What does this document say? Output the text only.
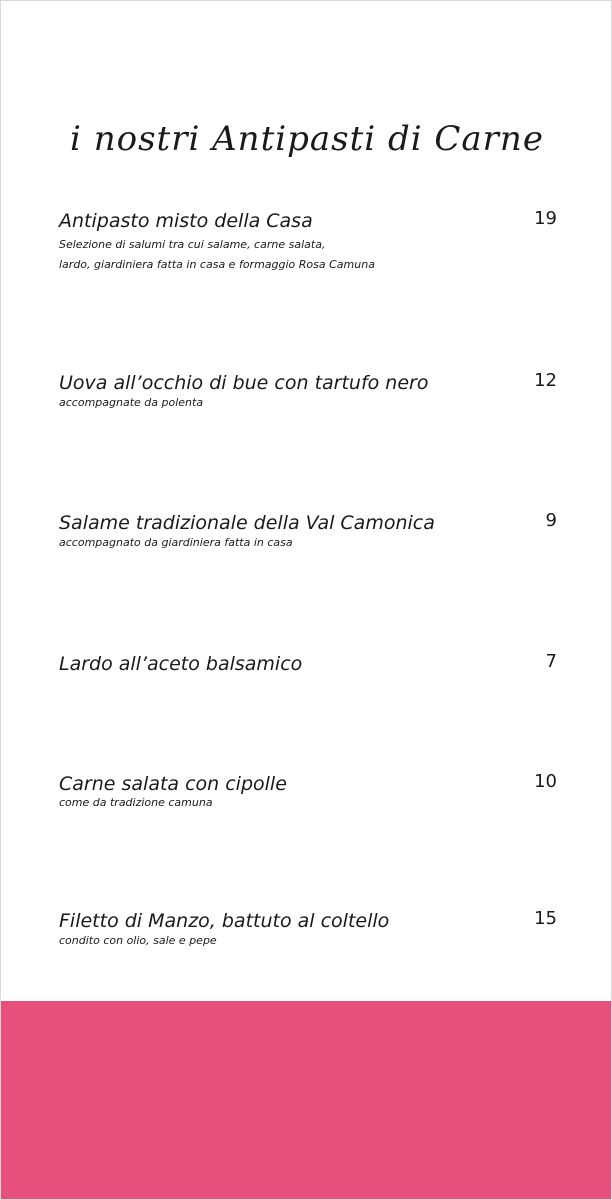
i nostri Antipasti di Carne
Antipasto misto della Casa	19
Selezione di salumi tra cui salame, carne salata,
lardo, giardiniera fatta in casa e formaggio Rosa Camuna
Uova all’occhio di bue con tartufo nero	12
accompagnate da polenta
Salame tradizionale della Val Camonica	9
accompagnato da giardiniera fatta in casa
Lardo all’aceto balsamico	7
Carne salata con cipolle	10
come da tradizione camuna
Filetto di Manzo, battuto al coltello	15
condito con olio, sale e pepe
